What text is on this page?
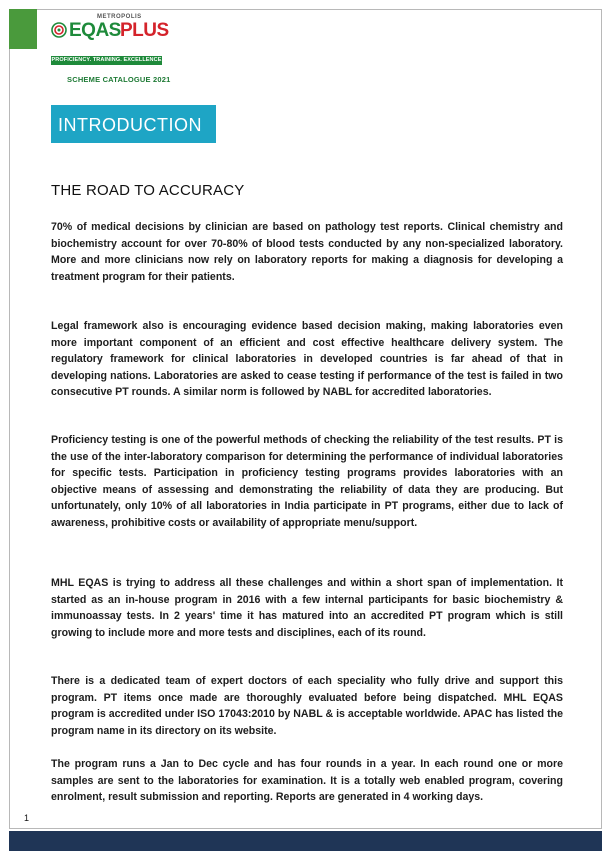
METROPOLIS
EQAS PLUS
PROFICIENCY. TRAINING. EXCELLENCE
SCHEME CATALOGUE 2021
INTRODUCTION
THE ROAD TO ACCURACY

70% of medical decisions by clinician are based on pathology test reports. Clinical chemistry and biochemistry account for over 70-80% of blood tests conducted by any non-specialized laboratory. More and more clinicians now rely on laboratory reports for making a diagnosis for developing a treatment program for their patients.

Legal framework also is encouraging evidence based decision making, making laboratories even more important component of an efficient and cost effective healthcare delivery system. The regulatory framework for clinical laboratories in developed countries is far ahead of that in developing nations. Laboratories are asked to cease testing if performance of the test is failed in two consecutive PT rounds. A similar norm is followed by NABL for accredited laboratories.

Proficiency testing is one of the powerful methods of checking the reliability of the test results. PT is the use of the inter-laboratory comparison for determining the performance of individual laboratories for specific tests. Participation in proficiency testing programs provides laboratories with an objective means of assessing and demonstrating the reliability of data they are producing. But unfortunately, only 10% of all laboratories in India participate in PT programs, either due to lack of awareness, prohibitive costs or availability of appropriate menu/support.

MHL EQAS is trying to address all these challenges and within a short span of implementation. It started as an in-house program in 2016 with a few internal participants for basic biochemistry & immunoassay tests. In 2 years' time it has matured into an accredited PT program which is still growing to include more and more tests and disciplines, each of its round.

There is a dedicated team of expert doctors of each speciality who fully drive and support this program. PT items once made are thoroughly evaluated before being dispatched. MHL EQAS program is accredited under ISO 17043:2010 by NABL & is acceptable worldwide. APAC has listed the program name in its directory on its website.

The program runs a Jan to Dec cycle and has four rounds in a year. In each round one or more samples are sent to the laboratories for examination. It is a totally web enabled program, covering enrolment, result submission and reporting. Reports are generated in 4 working days.

1
